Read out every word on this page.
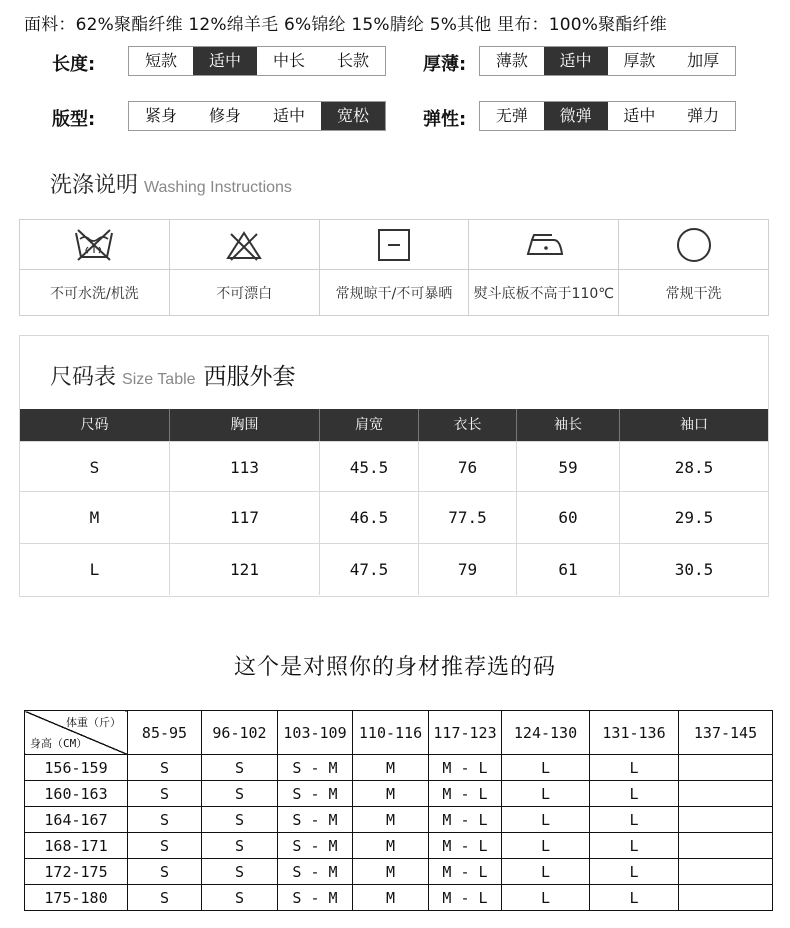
面料：62%聚酯纤维 12%绵羊毛 6%锦纶 15%腈纶 5%其他 里布：100%聚酯纤维
长度:	短款	适中	中长	长款	厚薄:	薄款	适中	厚款	加厚
版型:	紧身	修身	适中	宽松	弹性:	无弹	微弹	适中	弹力
洗涤说明 Washing Instructions
不可水洗/机洗	不可漂白	常规晾干/不可暴晒	熨斗底板不高于110℃	常规干洗
尺码表 Size Table 西服外套
尺码	胸围	肩宽	衣长	袖长	袖口
S	113	45.5	76	59	28.5
M	117	46.5	77.5	60	29.5
L	121	47.5	79	61	30.5
这个是对照你的身材推荐选的码
体重（斤）
身高（CM）	85-95	96-102	103-109	110-116	117-123	124-130	131-136	137-145
156-159	S	S	S - M	M	M - L	L	L	
160-163	S	S	S - M	M	M - L	L	L	
164-167	S	S	S - M	M	M - L	L	L	
168-171	S	S	S - M	M	M - L	L	L	
172-175	S	S	S - M	M	M - L	L	L	
175-180	S	S	S - M	M	M - L	L	L	
